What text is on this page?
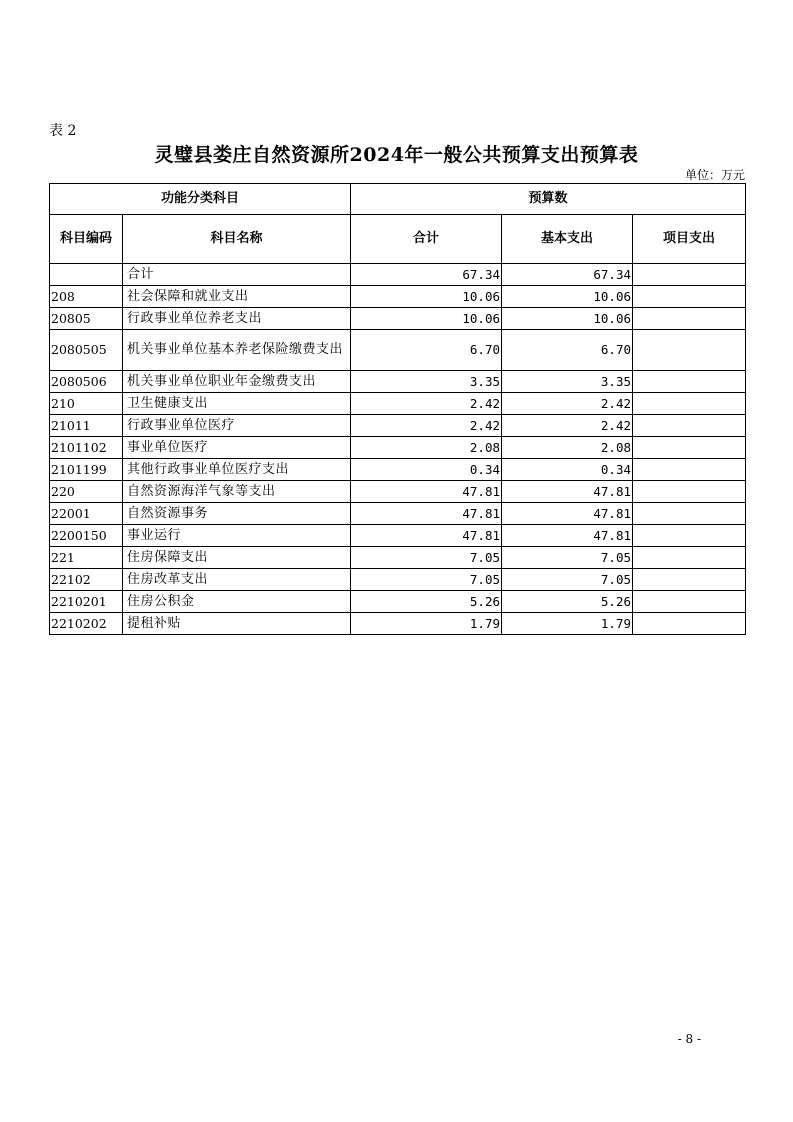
表 2
灵璧县娄庄自然资源所2024年一般公共预算支出预算表
单位：万元
功能分类科目		预算数		
科目编码	科目名称	合计	基本支出	项目支出
	合计	67.34	67.34	
208	社会保障和就业支出	10.06	10.06	
20805	行政事业单位养老支出	10.06	10.06	
2080505	机关事业单位基本养老保险缴费支出	6.70	6.70	
2080506	机关事业单位职业年金缴费支出	3.35	3.35	
210	卫生健康支出	2.42	2.42	
21011	行政事业单位医疗	2.42	2.42	
2101102	事业单位医疗	2.08	2.08	
2101199	其他行政事业单位医疗支出	0.34	0.34	
220	自然资源海洋气象等支出	47.81	47.81	
22001	自然资源事务	47.81	47.81	
2200150	事业运行	47.81	47.81	
221	住房保障支出	7.05	7.05	
22102	住房改革支出	7.05	7.05	
2210201	住房公积金	5.26	5.26	
2210202	提租补贴	1.79	1.79	
- 8 -
